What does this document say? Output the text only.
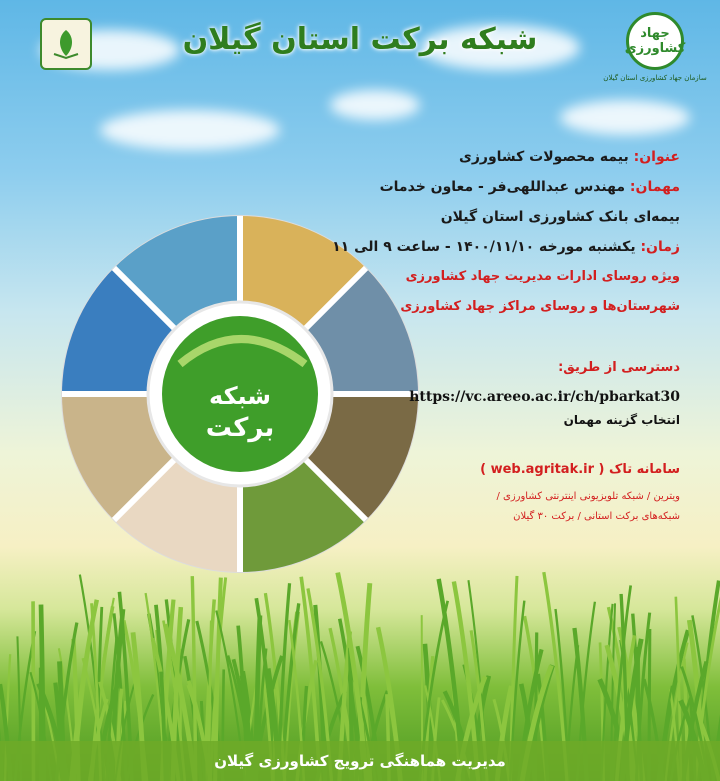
شبکه برکت استان گیلان	جهاد کشاورزی
سازمان جهاد کشاورزی استان گیلان
شبکه
برکت
عنوان: بیمه محصولات کشاورزی
مهمان: مهندس عبداللهی‌فر - معاون خدمات
بیمه‌ای بانک کشاورزی استان گیلان
زمان: یکشنبه مورخه ۱۴۰۰/۱۱/۱۰ - ساعت ۹ الی ۱۱
ویژه روسای ادارات مدیریت جهاد کشاورزی
شهرستان‌ها و روسای مراکز جهاد کشاورزی
دسترسی از طریق:
https://vc.areeo.ac.ir/ch/pbarkat30
انتخاب گزینه مهمان
سامانه تاک ( web.agritak.ir )
ویترین / شبکه تلویزیونی اینترنتی کشاورزی /
شبکه‌های برکت استانی / برکت ۳۰ گیلان
مدیریت هماهنگی ترویج کشاورزی گیلان
